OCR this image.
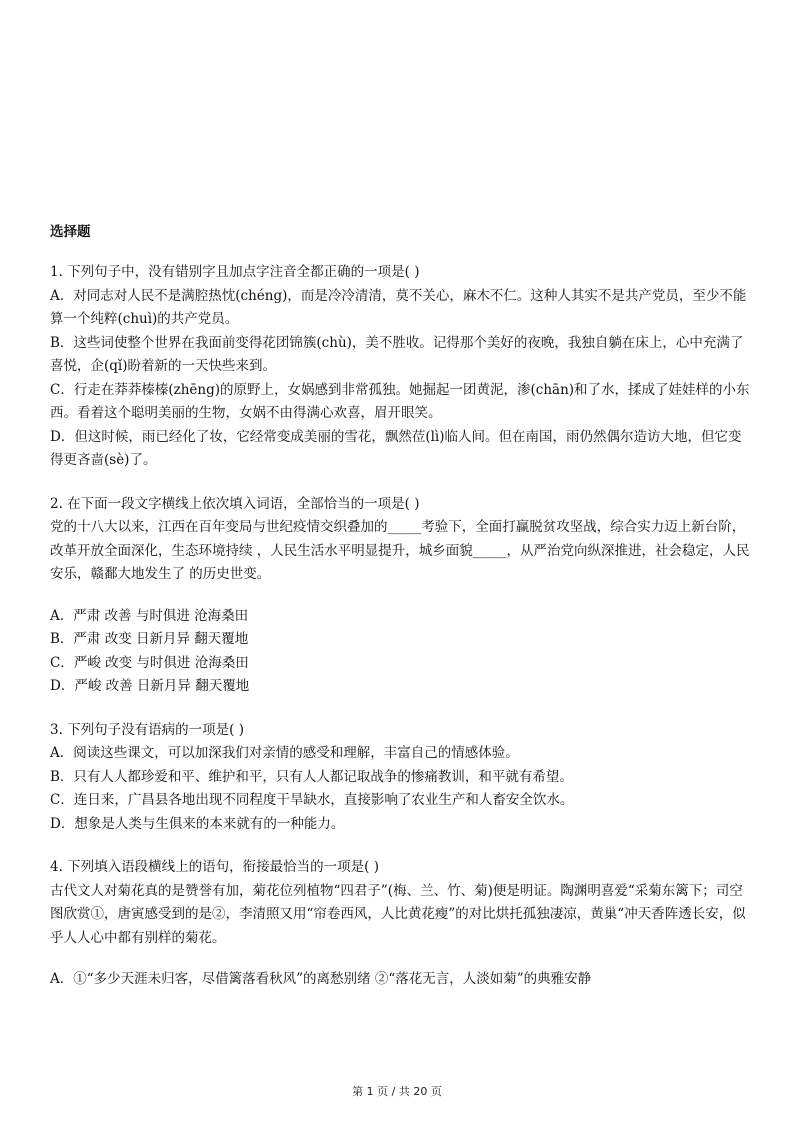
选择题
1. 下列句子中，没有错别字且加点字注音全都正确的一项是( )
A．对同志对人民不是满腔热忱(chéng)，而是冷冷清清，莫不关心，麻木不仁。这种人其实不是共产党员，至少不能
算一个纯粹(chuì)的共产党员。
B．这些词使整个世界在我面前变得花团锦簇(chù)，美不胜收。记得那个美好的夜晚，我独自躺在床上，心中充满了
喜悦，企(qǐ)盼着新的一天快些来到。
C．行走在莽莽榛榛(zhēng)的原野上，女娲感到非常孤独。她掘起一团黄泥，渗(chān)和了水，揉成了娃娃样的小东
西。看着这个聪明美丽的生物，女娲不由得满心欢喜，眉开眼笑。
D．但这时候，雨已经化了妆，它经常变成美丽的雪花，飘然莅(lì)临人间。但在南国，雨仍然偶尔造访大地，但它变
得更吝啬(sè)了。
2. 在下面一段文字横线上依次填入词语，全部恰当的一项是( )
党的十八大以来，江西在百年变局与世纪疫情交织叠加的_____考验下，全面打赢脱贫攻坚战，综合实力迈上新台阶，
改革开放全面深化，生态环境持续 ，人民生活水平明显提升，城乡面貌_____，从严治党向纵深推进，社会稳定，人民
安乐，赣鄱大地发生了 的历史世变。
A．严肃 改善 与时俱进 沧海桑田
B．严肃 改变 日新月异 翻天覆地
C．严峻 改变 与时俱进 沧海桑田
D．严峻 改善 日新月异 翻天覆地
3. 下列句子没有语病的一项是( )
A．阅读这些课文，可以加深我们对亲情的感受和理解，丰富自己的情感体验。
B．只有人人都珍爱和平、维护和平，只有人人都记取战争的惨痛教训，和平就有希望。
C．连日来，广昌县各地出现不同程度干旱缺水，直接影响了农业生产和人畜安全饮水。
D．想象是人类与生俱来的本来就有的一种能力。
4. 下列填入语段横线上的语句，衔接最恰当的一项是( )
古代文人对菊花真的是赞誉有加，菊花位列植物“四君子”(梅、兰、竹、菊)便是明证。陶渊明喜爱“采菊东篱下；司空
图欣赏①，唐寅感受到的是②，李清照又用“帘卷西风，人比黄花瘦”的对比烘托孤独凄凉，黄巢“冲天香阵透长安，似
乎人人心中都有别样的菊花。
A．①“多少天涯未归客，尽借篱落看秋风”的离愁别绪 ②“落花无言，人淡如菊”的典雅安静
第 1 页 / 共 20 页
